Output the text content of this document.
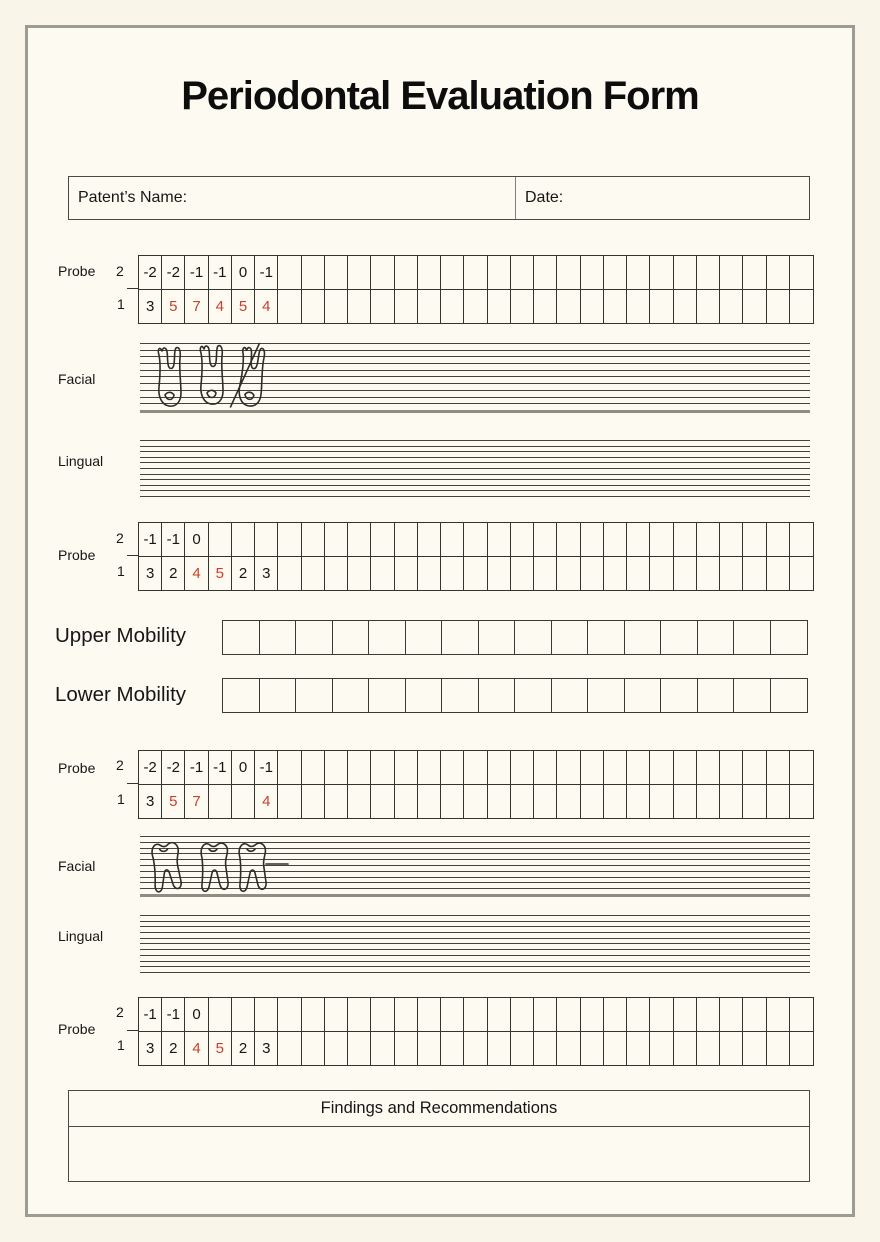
Periodontal Evaluation Form
Patent’s Name:	Date:
Probe 2
1
-2 -2 -1 -1 0 -1
3 5 7 4 5 4
Facial
Lingual
Probe
2
1
-1 -1 0
3 2 4 5 2 3
Upper Mobility
Lower Mobility
Probe 2
1
-2 -2 -1 -1 0 -1
3 5 7	4
Facial
Lingual
Probe
2
1
-1 -1 0
3 2 4 5 2 3
Findings and Recommendations
